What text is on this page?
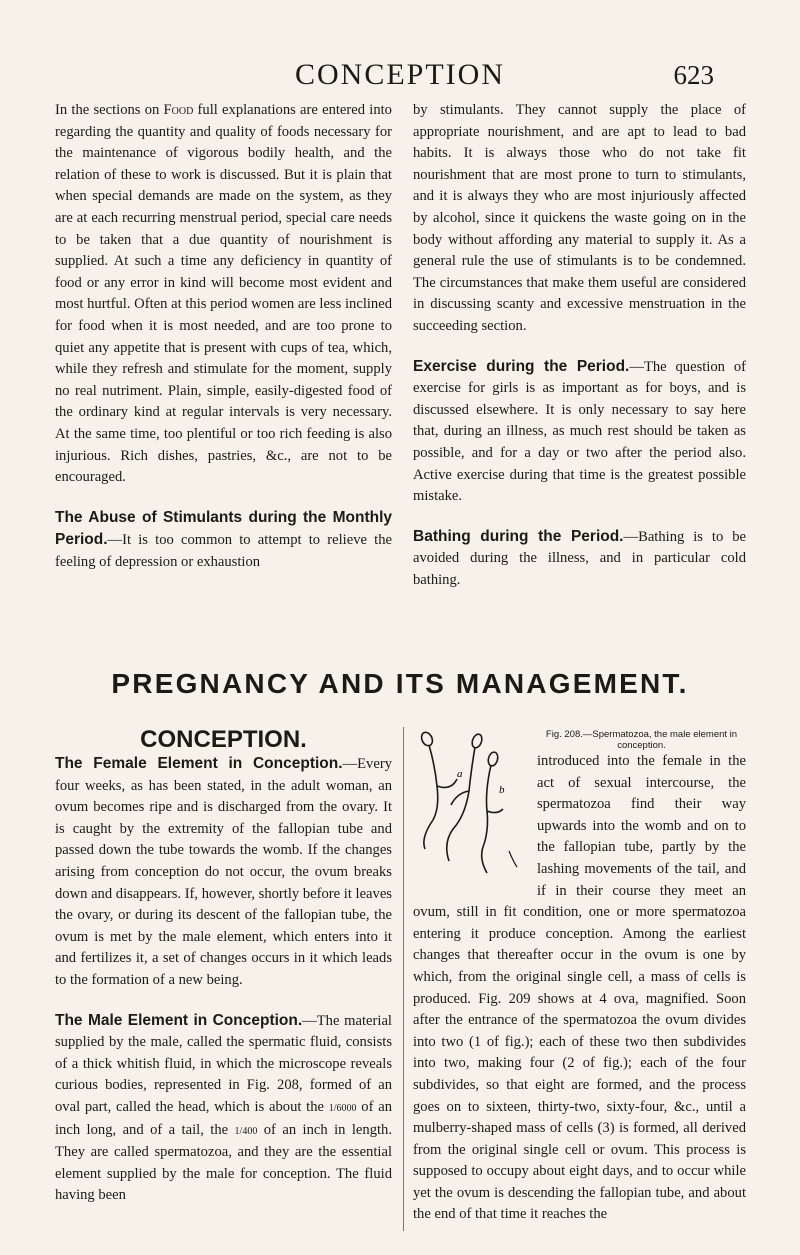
CONCEPTION	623

In the sections on Food full explanations are entered into regarding the quantity and quality of foods necessary for the maintenance of vigorous bodily health, and the relation of these to work is discussed. But it is plain that when special demands are made on the system, as they are at each recurring menstrual period, special care needs to be taken that a due quantity of nourishment is supplied. At such a time any deficiency in quantity of food or any error in kind will become most evident and most hurtful. Often at this period women are less inclined for food when it is most needed, and are too prone to quiet any appetite that is present with cups of tea, which, while they refresh and stimulate for the moment, supply no real nutriment. Plain, simple, easily-digested food of the ordinary kind at regular intervals is very necessary. At the same time, too plentiful or too rich feeding is also injurious. Rich dishes, pastries, &c., are not to be encouraged.

The Abuse of Stimulants during the Monthly Period.—It is too common to attempt to relieve the feeling of depression or exhaustion

by stimulants. They cannot supply the place of appropriate nourishment, and are apt to lead to bad habits. It is always those who do not take fit nourishment that are most prone to turn to stimulants, and it is always they who are most injuriously affected by alcohol, since it quickens the waste going on in the body without affording any material to supply it. As a general rule the use of stimulants is to be condemned. The circumstances that make them useful are considered in discussing scanty and excessive menstruation in the succeeding section.

Exercise during the Period.—The question of exercise for girls is as important as for boys, and is discussed elsewhere. It is only necessary to say here that, during an illness, as much rest should be taken as possible, and for a day or two after the period also. Active exercise during that time is the greatest possible mistake.

Bathing during the Period.—Bathing is to be avoided during the illness, and in particular cold bathing.

PREGNANCY AND ITS MANAGEMENT.

CONCEPTION.

The Female Element in Conception.—Every four weeks, as has been stated, in the adult woman, an ovum becomes ripe and is discharged from the ovary. It is caught by the extremity of the fallopian tube and passed down the tube towards the womb. If the changes arising from conception do not occur, the ovum breaks down and disappears. If, however, shortly before it leaves the ovary, or during its descent of the fallopian tube, the ovum is met by the male element, which enters into it and fertilizes it, a set of changes occurs in it which leads to the formation of a new being.

The Male Element in Conception.—The material supplied by the male, called the spermatic fluid, consists of a thick whitish fluid, in which the microscope reveals curious bodies, represented in Fig. 208, formed of an oval part, called the head, which is about the 1/6000 of an inch long, and of a tail, the 1/400 of an inch in length. They are called spermatozoa, and they are the essential element supplied by the male for conception. The fluid having been

a
b

Fig. 208.—Spermatozoa, the male element in conception.
introduced into the female in the act of sexual intercourse, the spermatozoa find their way upwards into the womb and on to the fallopian tube, partly by the lashing movements of the tail, and if in their course they meet an ovum, still in fit condition, one or more spermatozoa entering it produce conception. Among the earliest changes that thereafter occur in the ovum is one by which, from the original single cell, a mass of cells is produced. Fig. 209 shows at 4 ova, magnified. Soon after the entrance of the spermatozoa the ovum divides into two (1 of fig.); each of these two then subdivides into two, making four (2 of fig.); each of the four subdivides, so that eight are formed, and the process goes on to sixteen, thirty-two, sixty-four, &c., until a mulberry-shaped mass of cells (3) is formed, all derived from the original single cell or ovum. This process is supposed to occupy about eight days, and to occur while yet the ovum is descending the fallopian tube, and about the end of that time it reaches the
